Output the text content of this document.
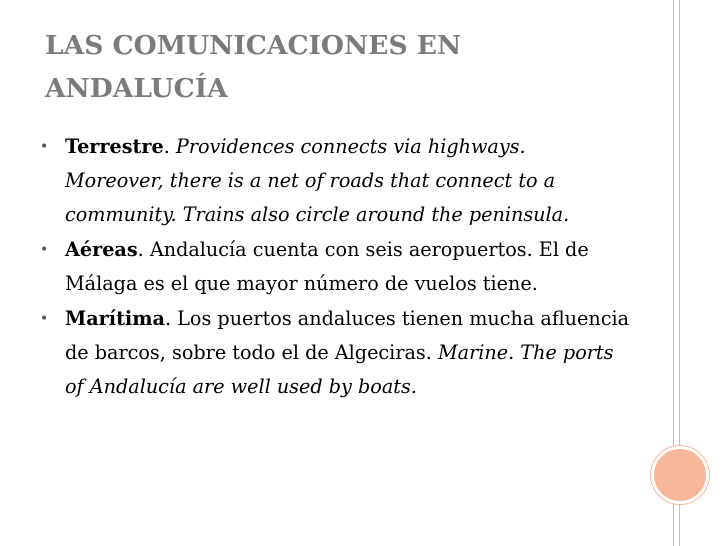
LAS COMUNICACIONES EN ANDALUCÍA
• Terrestre. Providences connects via highways. Moreover, there is a net of roads that connect to a community. Trains also circle around the peninsula.
• Aéreas. Andalucía cuenta con seis aeropuertos. El de Málaga es el que mayor número de vuelos tiene.
• Marítima. Los puertos andaluces tienen mucha afluencia de barcos, sobre todo el de Algeciras. Marine. The ports of Andalucía are well used by boats.
